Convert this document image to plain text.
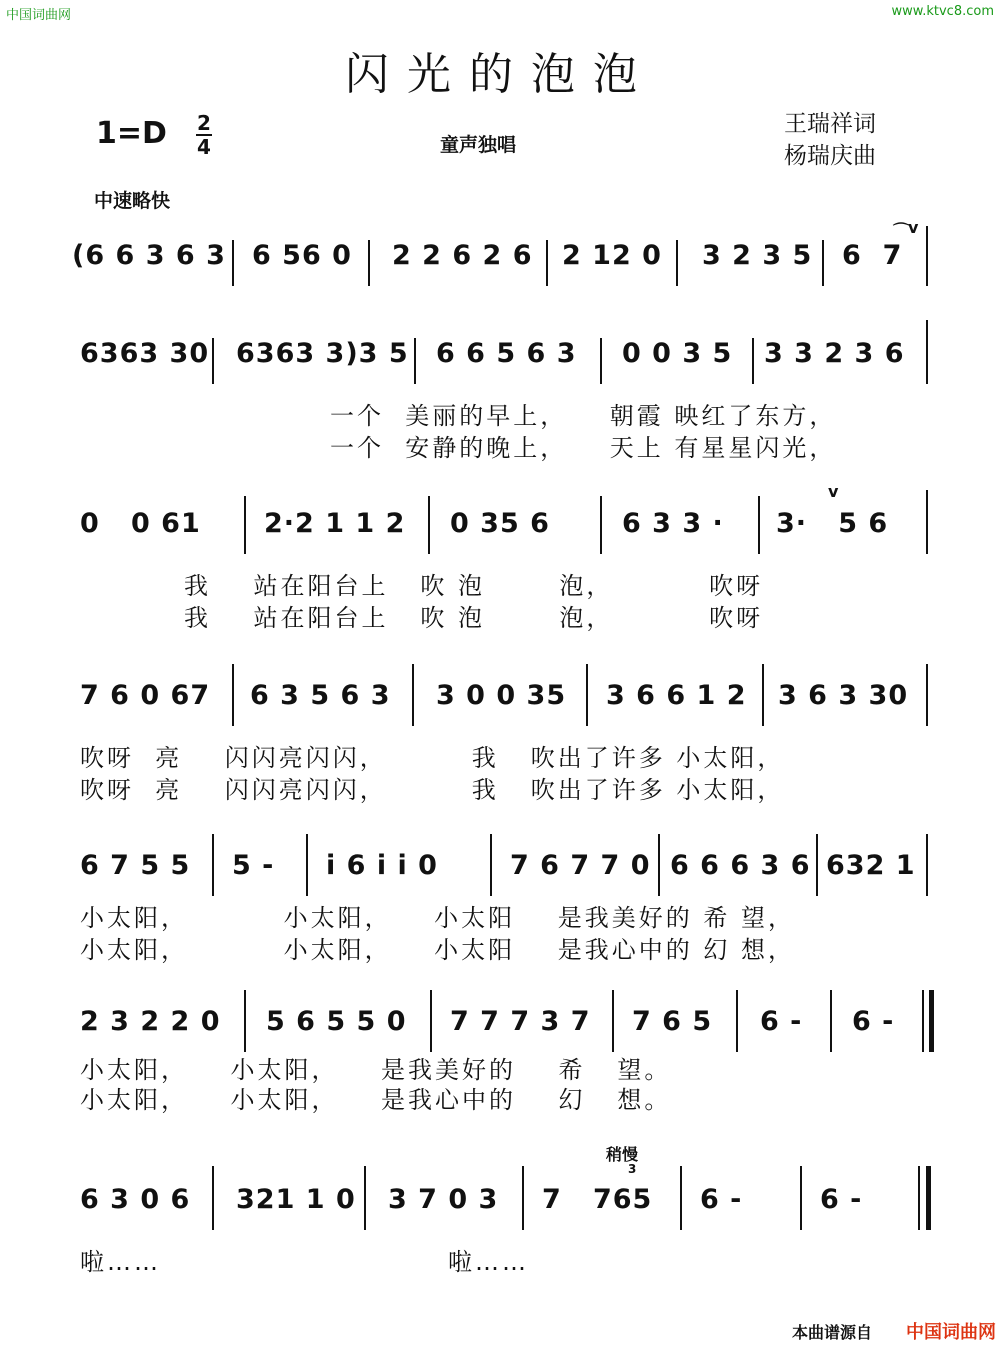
中国词曲网	www.ktvc8.com
闪光的泡泡
1=D 2
4	童声独唱
王瑞祥词
杨瑞庆曲
中速略快
(6 6 3 6 3 6 56 0 2 2 6 2 6 2 12 0 3 2 3 5 6  7
⌒
v
6363 30 6363 3)3 5 6 6 5 6 3 0 0 3 5 3 3 2 3 6
一个  美丽的早上，    朝霞 映红了东方，
一个  安静的晚上，    天上 有星星闪光，
0   0 61 2·2 1 1 2 0 35 6	6 3 3 · 3·   5 6
v
我    站在阳台上   吹 泡       泡，         吹呀
我    站在阳台上   吹 泡       泡，         吹呀
7 6 0 67 6 3 5 6 3 3 0 0 35 3 6 6 1 2 3 6 3 30
吹呀  亮    闪闪亮闪闪，        我   吹出了许多 小太阳，
吹呀  亮    闪闪亮闪闪，        我   吹出了许多 小太阳，
6 7 5 5 5 - i 6 i i 0	7 6 7 7 0 6 6 6 3 6 632 1
小太阳，         小太阳，    小太阳    是我美好的 希 望，
小太阳，         小太阳，    小太阳    是我心中的 幻 想，
2 3 2 2 0 5 6 5 5 0 7 7 7 3 7 7 6 5 6 - 6 -
小太阳，    小太阳，    是我美好的    希   望。
小太阳，    小太阳，    是我心中的    幻   想。
稍慢
3
6 3 0 6 321 1 0 3 7 0 3 7   765 6 -	6 -
啦……                           啦……
本曲谱源自 中国词曲网
